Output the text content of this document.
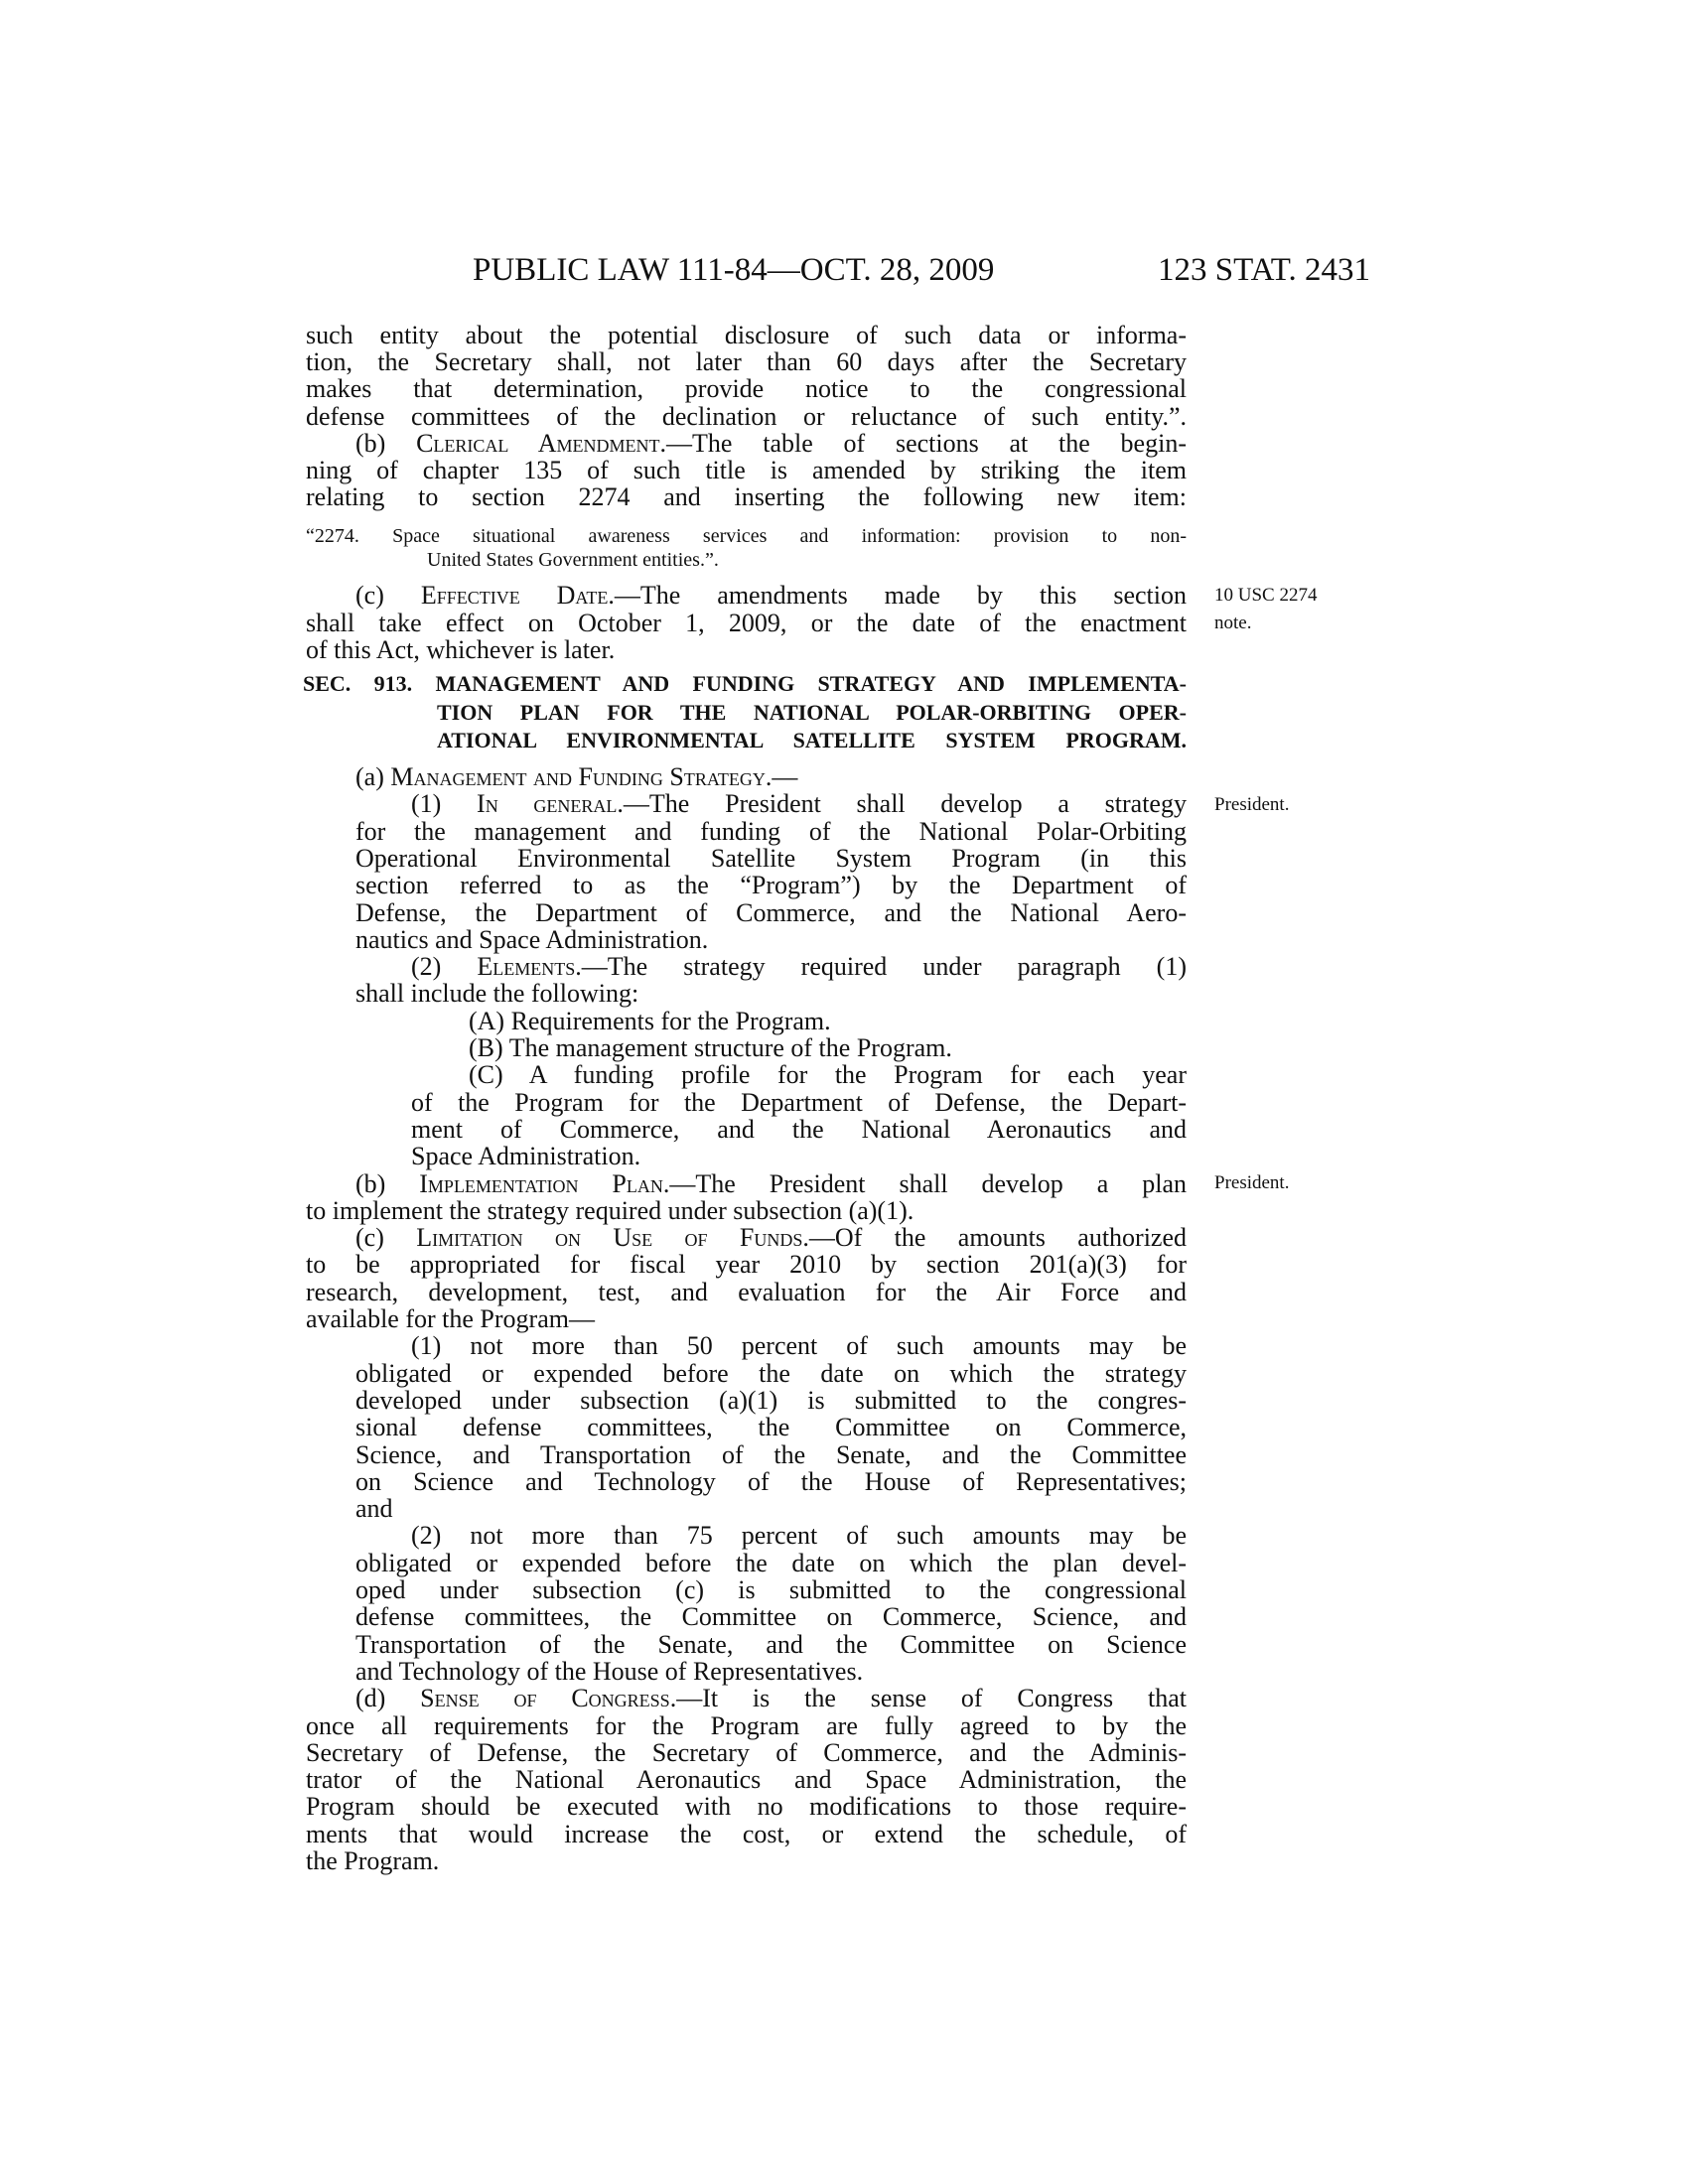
PUBLIC LAW 111-84—OCT. 28, 2009	123 STAT. 2431
such entity about the potential disclosure of such data or informa-
tion, the Secretary shall, not later than 60 days after the Secretary
makes that determination, provide notice to the congressional
defense committees of the declination or reluctance of such entity.”.
(b) Clerical Amendment.—The table of sections at the begin-
ning of chapter 135 of such title is amended by striking the item
relating to section 2274 and inserting the following new item:
“2274. Space situational awareness services and information: provision to non-
United States Government entities.”.
(c) Effective Date.—The amendments made by this section
shall take effect on October 1, 2009, or the date of the enactment
of this Act, whichever is later.
SEC. 913. MANAGEMENT AND FUNDING STRATEGY AND IMPLEMENTA-
TION PLAN FOR THE NATIONAL POLAR-ORBITING OPER-
ATIONAL ENVIRONMENTAL SATELLITE SYSTEM PROGRAM.
(a) Management and Funding Strategy.—
(1) In general.—The President shall develop a strategy
for the management and funding of the National Polar-Orbiting
Operational Environmental Satellite System Program (in this
section referred to as the “Program”) by the Department of
Defense, the Department of Commerce, and the National Aero-
nautics and Space Administration.
(2) Elements.—The strategy required under paragraph (1)
shall include the following:
(A) Requirements for the Program.
(B) The management structure of the Program.
(C) A funding profile for the Program for each year
of the Program for the Department of Defense, the Depart-
ment of Commerce, and the National Aeronautics and
Space Administration.
(b) Implementation Plan.—The President shall develop a plan
to implement the strategy required under subsection (a)(1).
(c) Limitation on Use of Funds.—Of the amounts authorized
to be appropriated for fiscal year 2010 by section 201(a)(3) for
research, development, test, and evaluation for the Air Force and
available for the Program—
(1) not more than 50 percent of such amounts may be
obligated or expended before the date on which the strategy
developed under subsection (a)(1) is submitted to the congres-
sional defense committees, the Committee on Commerce,
Science, and Transportation of the Senate, and the Committee
on Science and Technology of the House of Representatives;
and
(2) not more than 75 percent of such amounts may be
obligated or expended before the date on which the plan devel-
oped under subsection (c) is submitted to the congressional
defense committees, the Committee on Commerce, Science, and
Transportation of the Senate, and the Committee on Science
and Technology of the House of Representatives.
(d) Sense of Congress.—It is the sense of Congress that
once all requirements for the Program are fully agreed to by the
Secretary of Defense, the Secretary of Commerce, and the Adminis-
trator of the National Aeronautics and Space Administration, the
Program should be executed with no modifications to those require-
ments that would increase the cost, or extend the schedule, of
the Program.
10 USC 2274
note.
President.
President.
